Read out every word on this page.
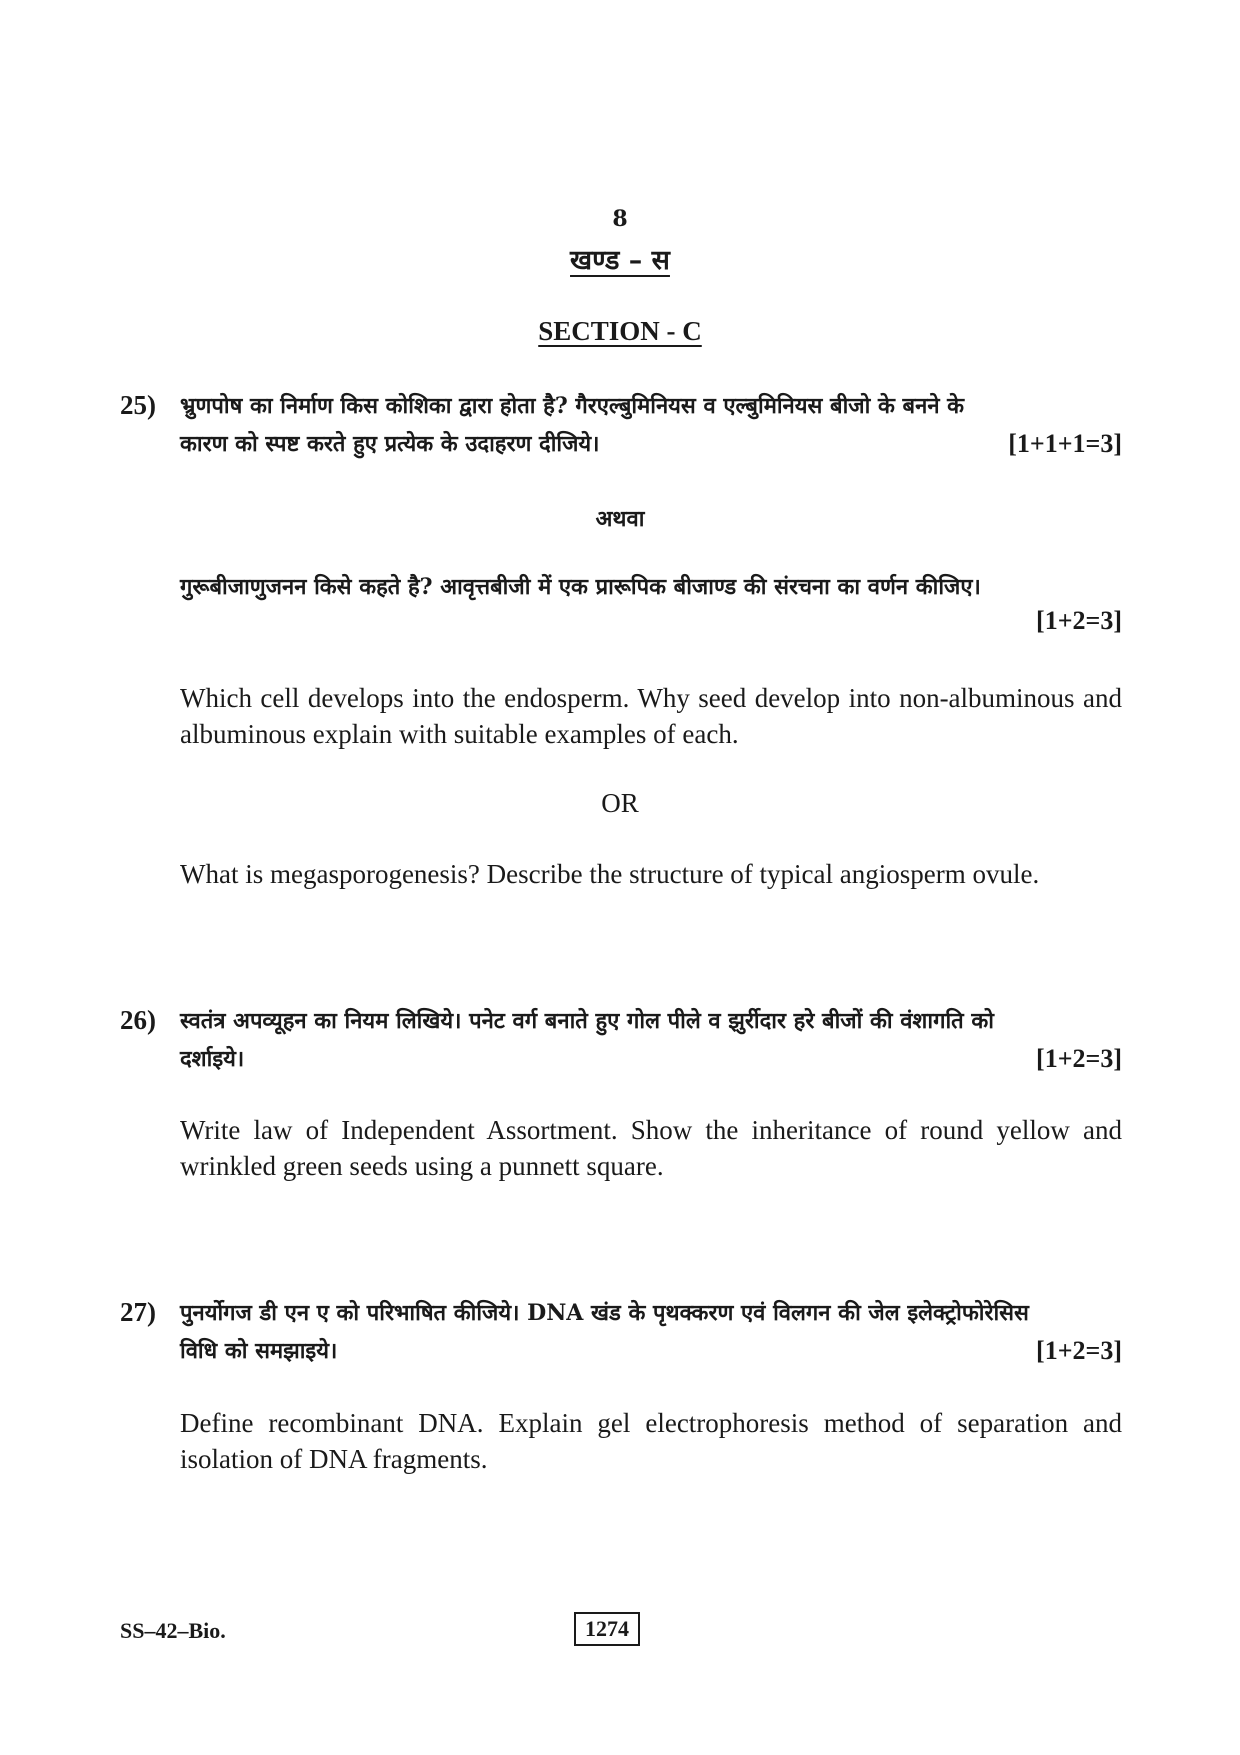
8
खण्ड – स
SECTION - C
25) भ्रुणपोष का निर्माण किस कोशिका द्वारा होता है? गैरएल्बुमिनियस व एल्बुमिनियस बीजो के बनने के
कारण को स्पष्ट करते हुए प्रत्येक के उदाहरण दीजिये।	[1+1+1=3]
अथवा
गुरूबीजाणुजनन किसे कहते है? आवृत्तबीजी में एक प्रारूपिक बीजाण्ड की संरचना का वर्णन कीजिए।
[1+2=3]
Which cell develops into the endosperm. Why seed develop into non-albuminous and albuminous explain with suitable examples of each.
OR
What is megasporogenesis? Describe the structure of typical angiosperm ovule.
26) स्वतंत्र अपव्यूहन का नियम लिखिये। पनेट वर्ग बनाते हुए गोल पीले व झुर्रीदार हरे बीजों की वंशागति को
दर्शाइये।	[1+2=3]
Write law of Independent Assortment. Show the inheritance of round yellow and wrinkled green seeds using a punnett square.
27) पुनर्योगज डी एन ए को परिभाषित कीजिये। DNA खंड के पृथक्करण एवं विलगन की जेल इलेक्ट्रोफोरेसिस
विधि को समझाइये।	[1+2=3]
Define recombinant DNA. Explain gel electrophoresis method of separation and isolation of DNA fragments.
SS–42–Bio.	1274
